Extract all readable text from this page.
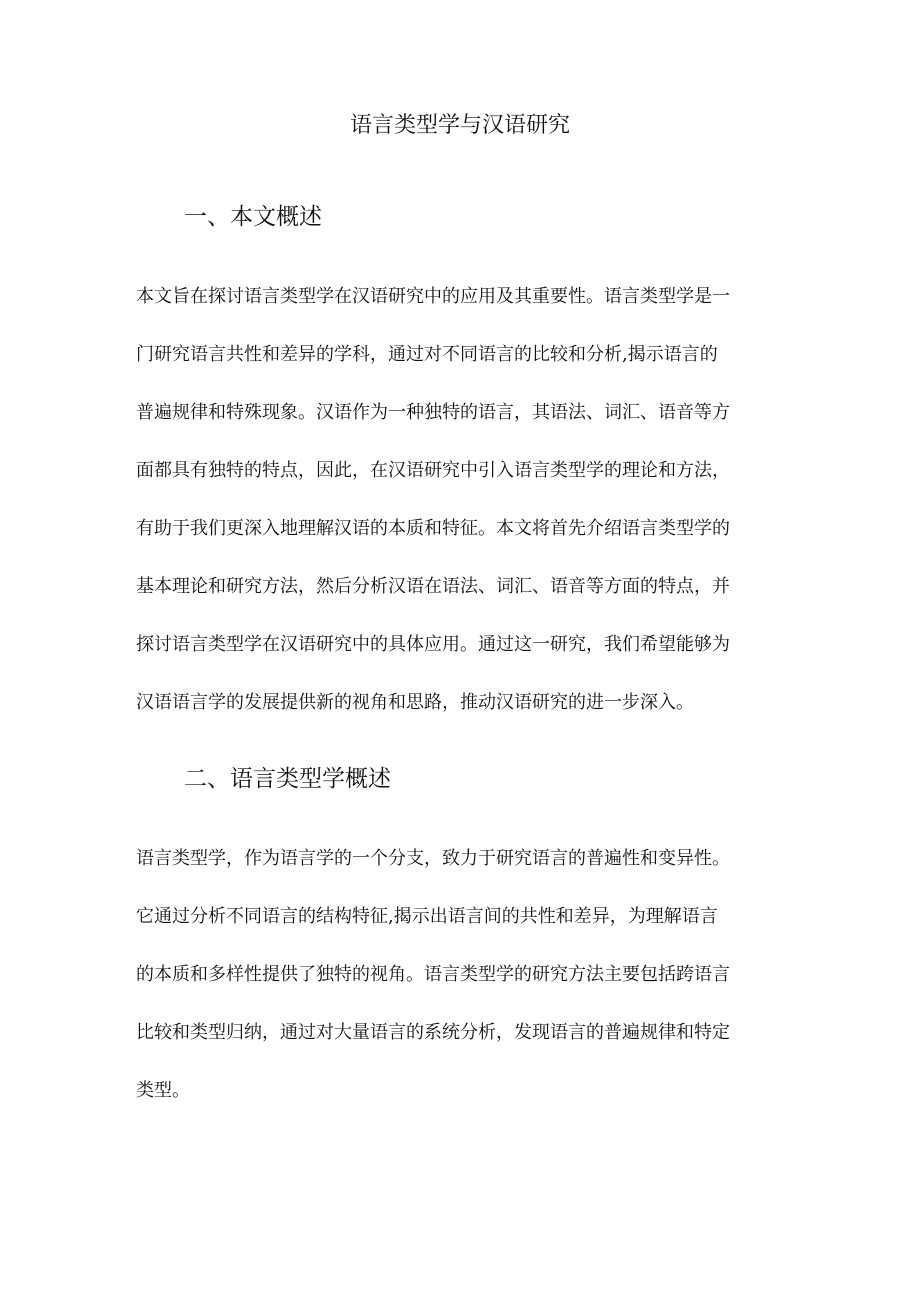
语言类型学与汉语研究
一、本文概述
本文旨在探讨语言类型学在汉语研究中的应用及其重要性。语言类型学是一
门研究语言共性和差异的学科，通过对不同语言的比较和分析,揭示语言的
普遍规律和特殊现象。汉语作为一种独特的语言，其语法、词汇、语音等方
面都具有独特的特点，因此，在汉语研究中引入语言类型学的理论和方法，
有助于我们更深入地理解汉语的本质和特征。本文将首先介绍语言类型学的
基本理论和研究方法，然后分析汉语在语法、词汇、语音等方面的特点，并
探讨语言类型学在汉语研究中的具体应用。通过这一研究，我们希望能够为
汉语语言学的发展提供新的视角和思路，推动汉语研究的进一步深入。
二、语言类型学概述
语言类型学，作为语言学的一个分支，致力于研究语言的普遍性和变异性。
它通过分析不同语言的结构特征,揭示出语言间的共性和差异，为理解语言
的本质和多样性提供了独特的视角。语言类型学的研究方法主要包括跨语言
比较和类型归纳，通过对大量语言的系统分析，发现语言的普遍规律和特定
类型。
